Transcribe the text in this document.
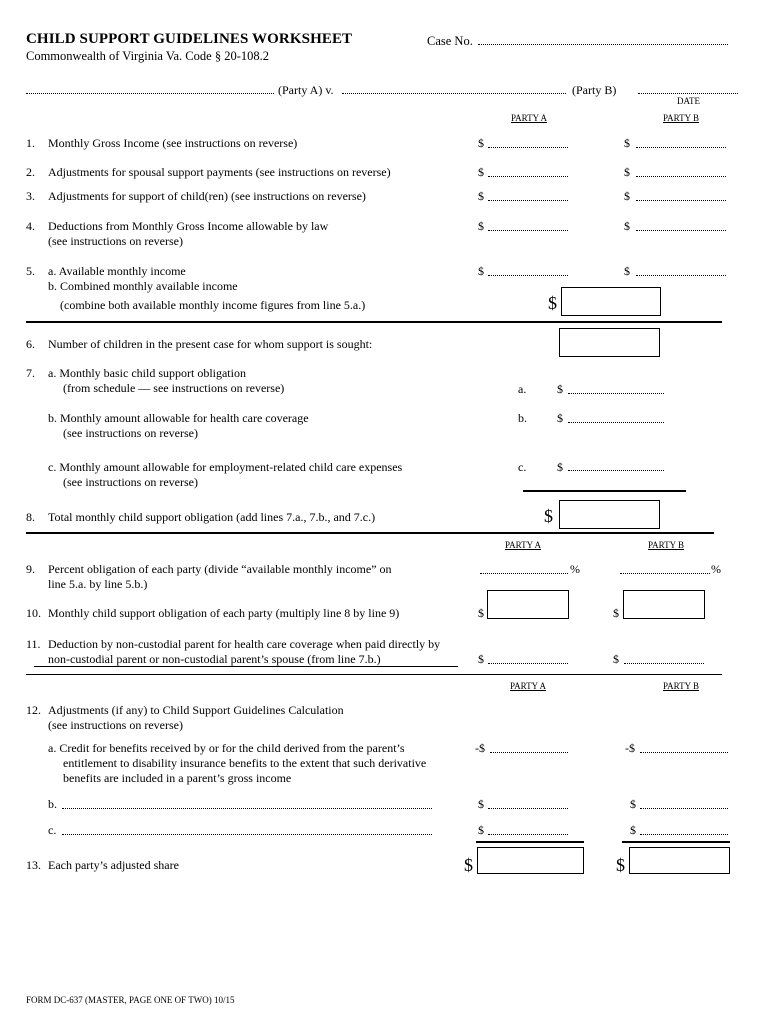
CHILD SUPPORT GUIDELINES WORKSHEET	Case No.
Commonwealth of Virginia Va. Code § 20-108.2
(Party A) v.	(Party B)
DATE
PARTY A	PARTY B
1. Monthly Gross Income (see instructions on reverse)	$	$
2. Adjustments for spousal support payments (see instructions on reverse)	$	$
3. Adjustments for support of child(ren) (see instructions on reverse)	$	$
4. Deductions from Monthly Gross Income allowable by law
(see instructions on reverse)
$	$
5. a. Available monthly income
b. Combined monthly available income
(combine both available monthly income figures from line 5.a.)
$	$
$
6. Number of children in the present case for whom support is sought:
7. a. Monthly basic child support obligation
(from schedule — see instructions on reverse)	a.	$
b. Monthly amount allowable for health care coverage
(see instructions on reverse)
b.	$
c. Monthly amount allowable for employment-related child care expenses
(see instructions on reverse)
c.	$
8. Total monthly child support obligation (add lines 7.a., 7.b., and 7.c.)	$
PARTY A	PARTY B
9. Percent obligation of each party (divide “available monthly income” on
line 5.a. by line 5.b.)
%	%
10. Monthly child support obligation of each party (multiply line 8 by line 9)	$	$
11. Deduction by non-custodial parent for health care coverage when paid directly by
non-custodial parent or non-custodial parent’s spouse (from line 7.b.)	$	$
PARTY A	PARTY B
12. Adjustments (if any) to Child Support Guidelines Calculation
(see instructions on reverse)
a. Credit for benefits received by or for the child derived from the parent’s
entitlement to disability insurance benefits to the extent that such derivative
benefits are included in a parent’s gross income
-$	-$
b.	$	$
c.	$	$
13. Each party’s adjusted share	$	$
FORM DC-637 (MASTER, PAGE ONE OF TWO) 10/15
